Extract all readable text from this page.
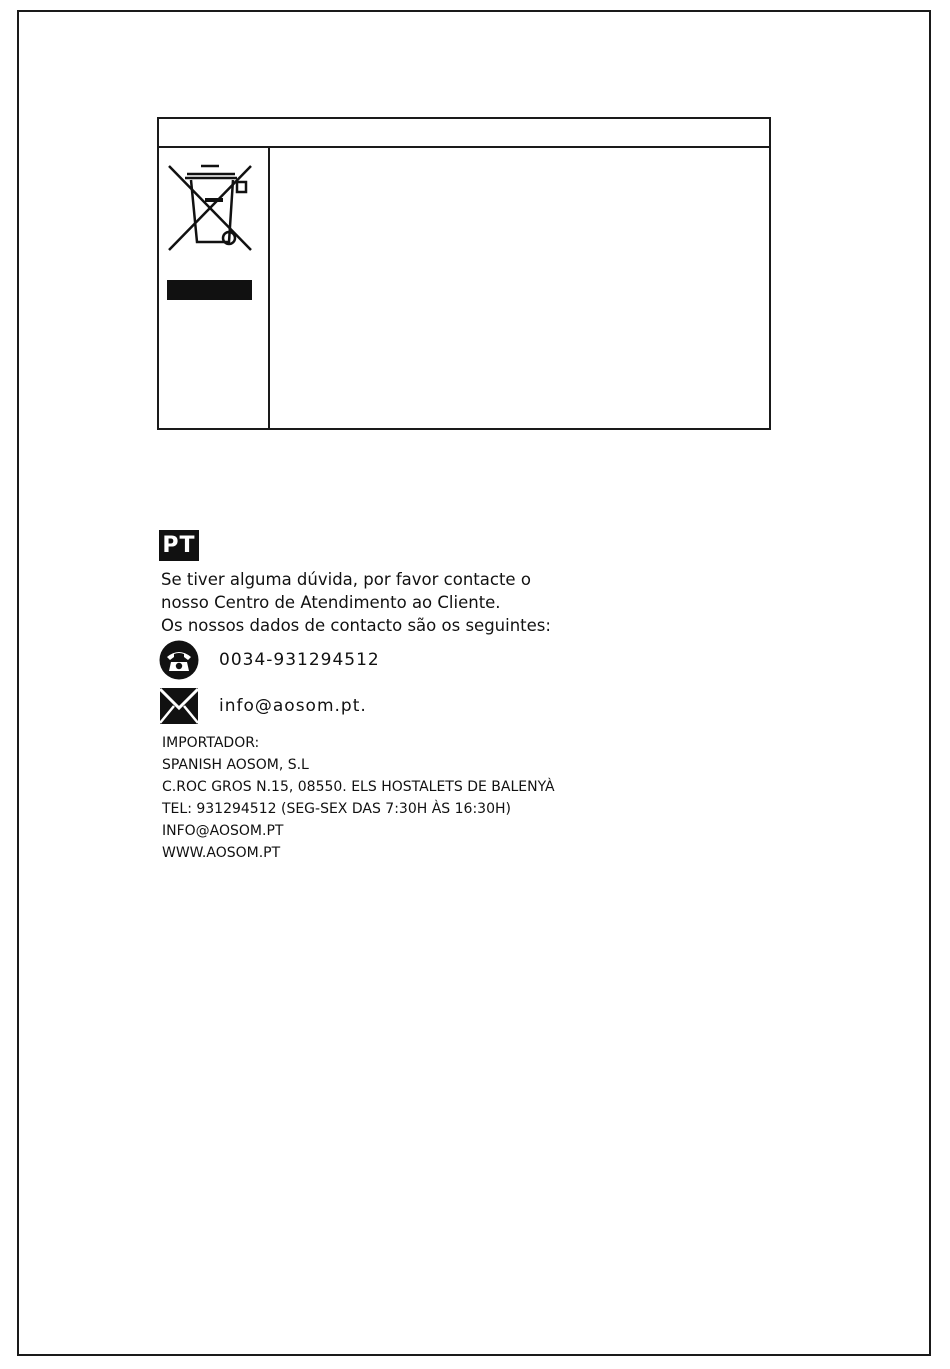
PT
Se tiver alguma dúvida, por favor contacte o
nosso Centro de Atendimento ao Cliente.
Os nossos dados de contacto são os seguintes:
0034-931294512
info@aosom.pt.
IMPORTADOR:
SPANISH AOSOM, S.L
C.ROC GROS N.15, 08550. ELS HOSTALETS DE BALENYÀ
TEL: 931294512 (SEG-SEX DAS 7:30H ÀS 16:30H)
INFO@AOSOM.PT
WWW.AOSOM.PT
